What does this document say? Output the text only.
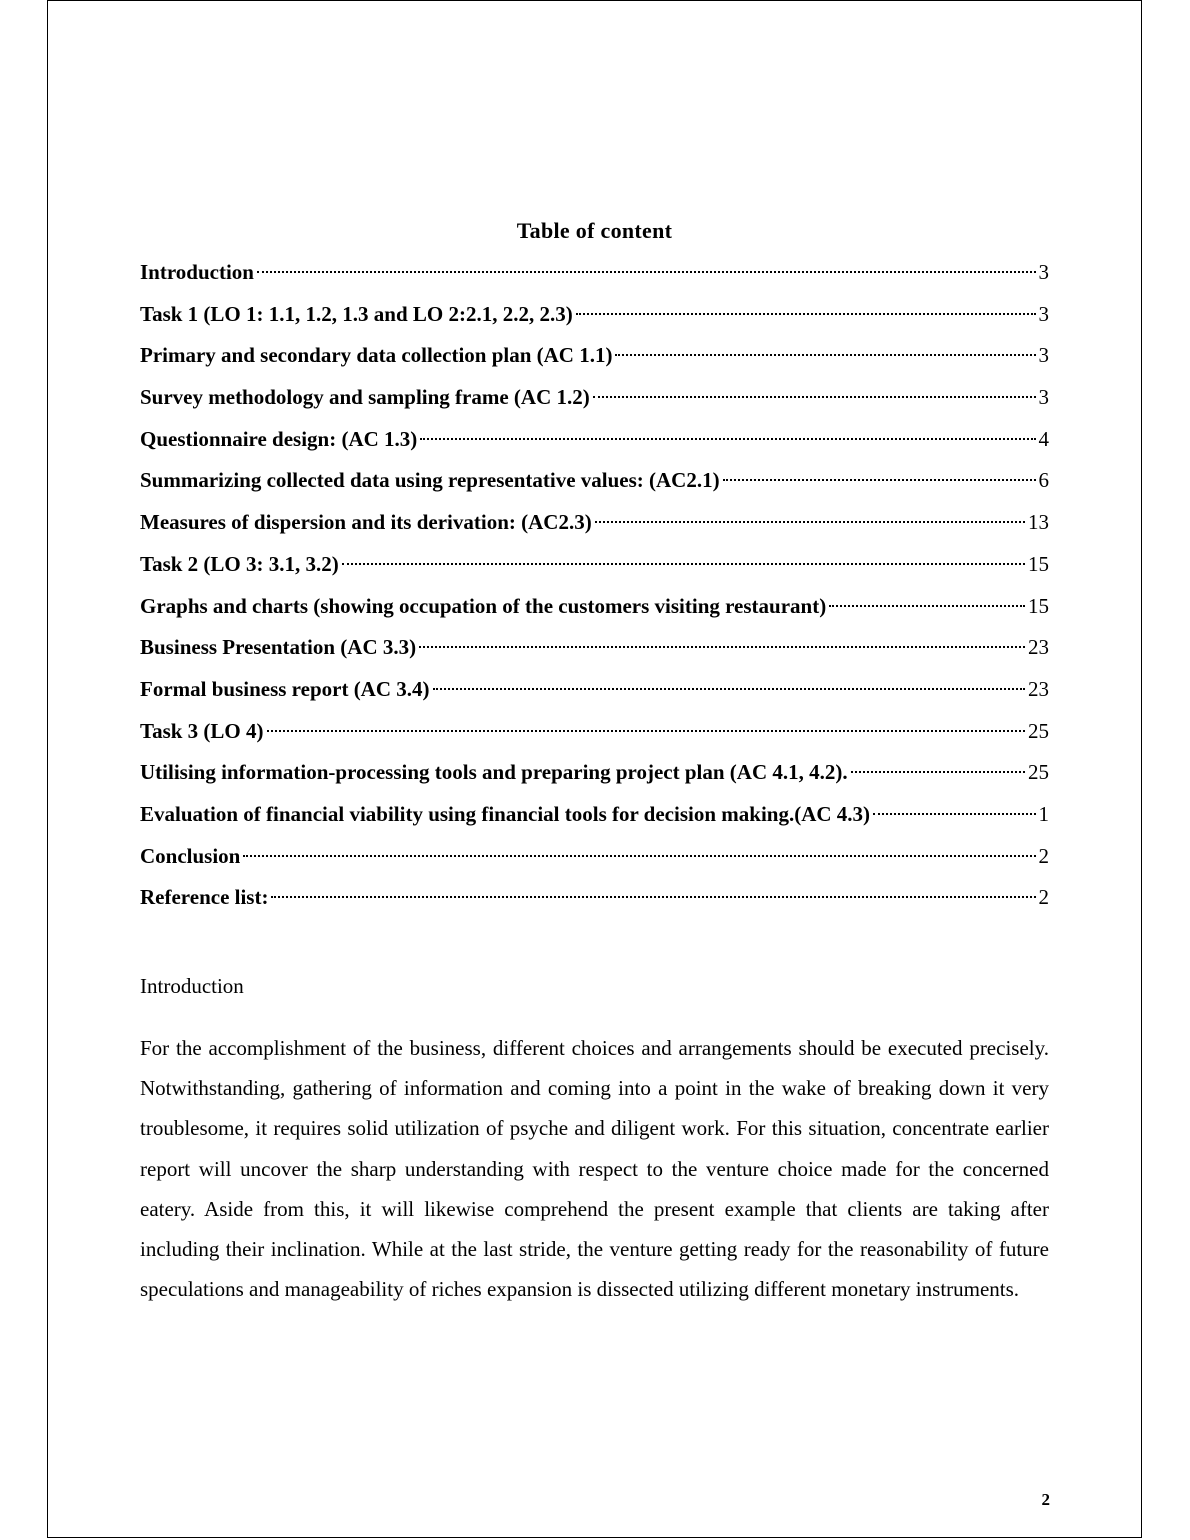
Table of content
Introduction	3
Task 1 (LO 1: 1.1, 1.2, 1.3 and LO 2:2.1, 2.2, 2.3)	3
Primary and secondary data collection plan (AC 1.1)	3
Survey methodology and sampling frame (AC 1.2)	3
Questionnaire design: (AC 1.3)	4
Summarizing collected data using representative values: (AC2.1)	6
Measures of dispersion and its derivation: (AC2.3)	13
Task 2 (LO 3: 3.1, 3.2)	15
Graphs and charts (showing occupation of the customers visiting restaurant)	15
Business Presentation (AC 3.3)	23
Formal business report (AC 3.4)	23
Task 3 (LO 4)	25
Utilising information-processing tools and preparing project plan (AC 4.1, 4.2).	25
Evaluation of financial viability using financial tools for decision making.(AC 4.3)	1
Conclusion	2
Reference list:	2
Introduction

For the accomplishment of the business, different choices and arrangements should be executed precisely. Notwithstanding, gathering of information and coming into a point in the wake of breaking down it very troublesome, it requires solid utilization of psyche and diligent work. For this situation, concentrate earlier report will uncover the sharp understanding with respect to the venture choice made for the concerned eatery. Aside from this, it will likewise comprehend the present example that clients are taking after including their inclination. While at the last stride, the venture getting ready for the reasonability of future speculations and manageability of riches expansion is dissected utilizing different monetary instruments.

2
